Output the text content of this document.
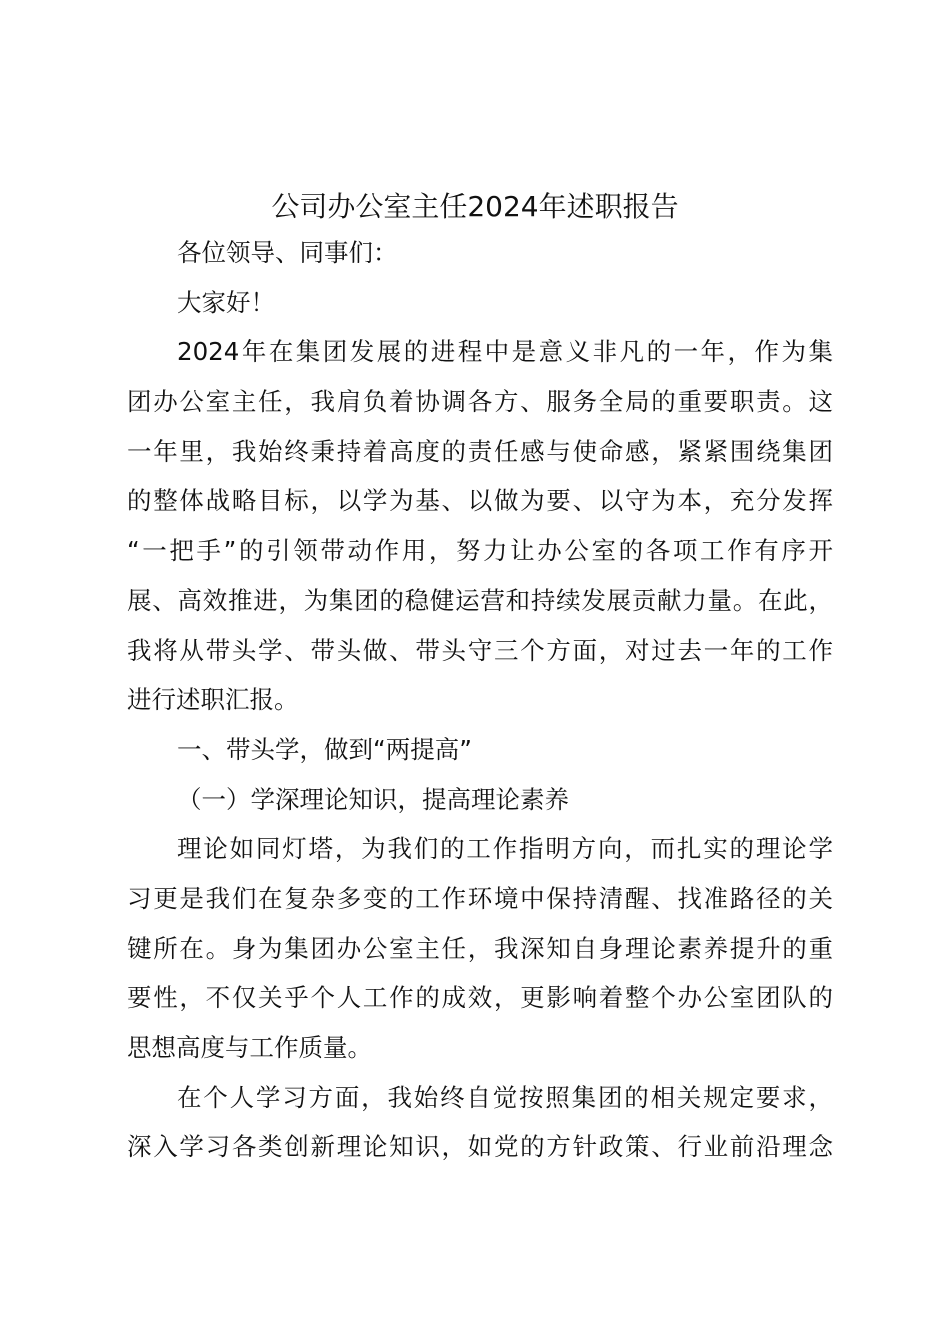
公司办公室主任2024年述职报告
各位领导、同事们：
大家好！
2024年在集团发展的进程中是意义非凡的一年，作为集
团办公室主任，我肩负着协调各方、服务全局的重要职责。这
一年里，我始终秉持着高度的责任感与使命感，紧紧围绕集团
的整体战略目标，以学为基、以做为要、以守为本，充分发挥
“一把手”的引领带动作用，努力让办公室的各项工作有序开
展、高效推进，为集团的稳健运营和持续发展贡献力量。在此，
我将从带头学、带头做、带头守三个方面，对过去一年的工作
进行述职汇报。
一、带头学，做到“两提高”
（一）学深理论知识，提高理论素养
理论如同灯塔，为我们的工作指明方向，而扎实的理论学
习更是我们在复杂多变的工作环境中保持清醒、找准路径的关
键所在。身为集团办公室主任，我深知自身理论素养提升的重
要性，不仅关乎个人工作的成效，更影响着整个办公室团队的
思想高度与工作质量。
在个人学习方面，我始终自觉按照集团的相关规定要求，
深入学习各类创新理论知识，如党的方针政策、行业前沿理念
